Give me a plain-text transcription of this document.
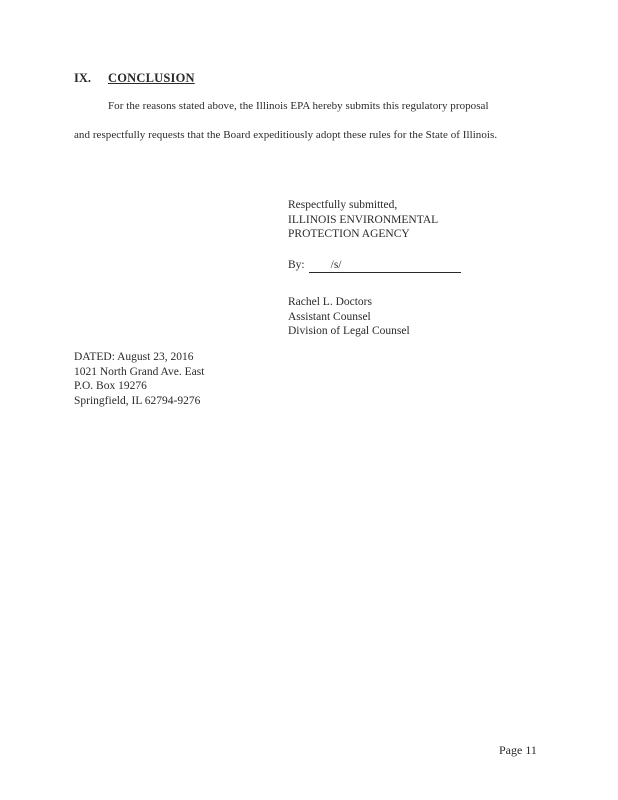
IX. CONCLUSION
For the reasons stated above, the Illinois EPA hereby submits this regulatory proposal
and respectfully requests that the Board expeditiously adopt these rules for the State of Illinois.
Respectfully submitted,
ILLINOIS ENVIRONMENTAL
PROTECTION AGENCY
By: /s/
Rachel L. Doctors
Assistant Counsel
Division of Legal Counsel
DATED: August 23, 2016
1021 North Grand Ave. East
P.O. Box 19276
Springfield, IL 62794-9276
Page 11
